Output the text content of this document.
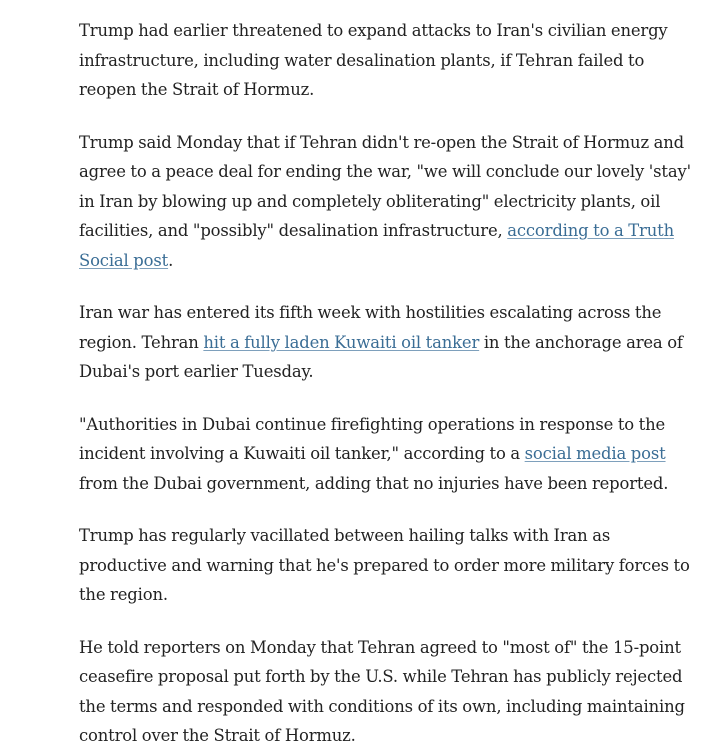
Trump had earlier threatened to expand attacks to Iran's civilian energy infrastructure, including water desalination plants, if Tehran failed to reopen the Strait of Hormuz.

Trump said Monday that if Tehran didn't re-open the Strait of Hormuz and agree to a peace deal for ending the war, "we will conclude our lovely 'stay' in Iran by blowing up and completely obliterating" electricity plants, oil facilities, and "possibly" desalination infrastructure, according to a Truth Social post.

Iran war has entered its fifth week with hostilities escalating across the region. Tehran hit a fully laden Kuwaiti oil tanker in the anchorage area of Dubai's port earlier Tuesday.

"Authorities in Dubai continue firefighting operations in response to the incident involving a Kuwaiti oil tanker," according to a social media post from the Dubai government, adding that no injuries have been reported.

Trump has regularly vacillated between hailing talks with Iran as productive and warning that he's prepared to order more military forces to the region.

He told reporters on Monday that Tehran agreed to "most of" the 15-point ceasefire proposal put forth by the U.S. while Tehran has publicly rejected the terms and responded with conditions of its own, including maintaining control over the Strait of Hormuz.
